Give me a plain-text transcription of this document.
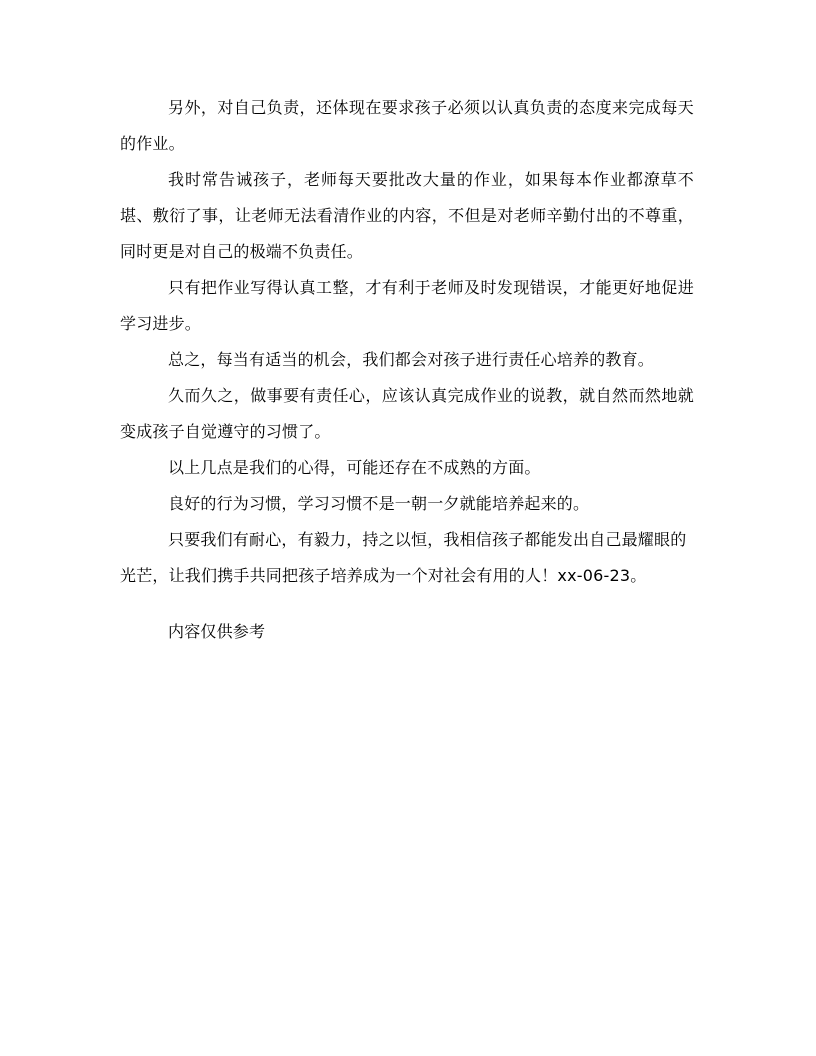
另外，对自己负责，还体现在要求孩子必须以认真负责的态度来完成每天的作业。

我时常告诫孩子，老师每天要批改大量的作业，如果每本作业都潦草不堪、敷衍了事，让老师无法看清作业的内容，不但是对老师辛勤付出的不尊重，同时更是对自己的极端不负责任。

只有把作业写得认真工整，才有利于老师及时发现错误，才能更好地促进学习进步。

总之，每当有适当的机会，我们都会对孩子进行责任心培养的教育。

久而久之，做事要有责任心，应该认真完成作业的说教，就自然而然地就变成孩子自觉遵守的习惯了。

以上几点是我们的心得，可能还存在不成熟的方面。

良好的行为习惯，学习习惯不是一朝一夕就能培养起来的。

只要我们有耐心，有毅力，持之以恒，我相信孩子都能发出自己最耀眼的光芒，让我们携手共同把孩子培养成为一个对社会有用的人！xx-06-23。

内容仅供参考
